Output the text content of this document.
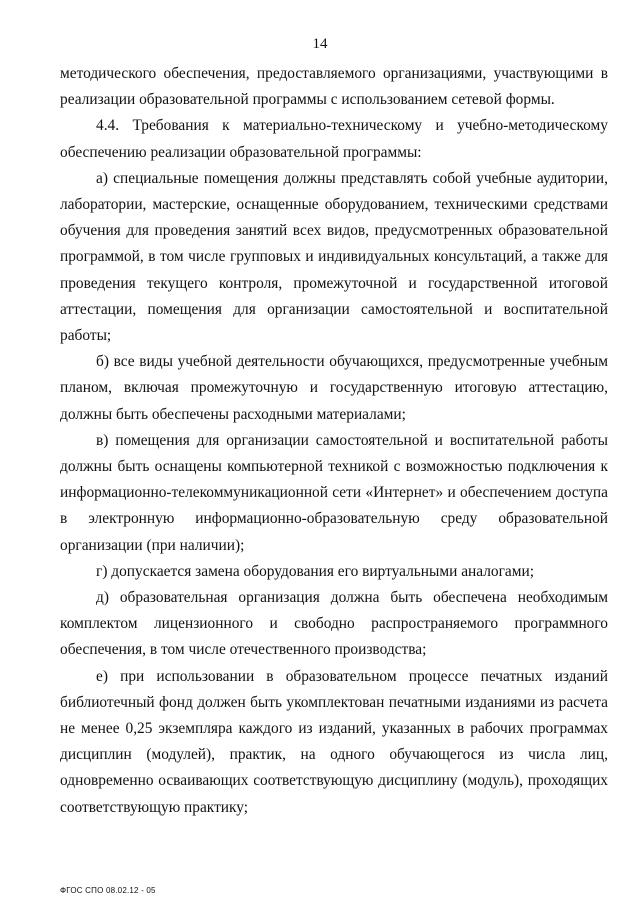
14

методического обеспечения, предоставляемого организациями, участвующими в реализации образовательной программы с использованием сетевой формы.

4.4. Требования к материально-техническому и учебно-методическому обеспечению реализации образовательной программы:

а) специальные помещения должны представлять собой учебные аудитории, лаборатории, мастерские, оснащенные оборудованием, техническими средствами обучения для проведения занятий всех видов, предусмотренных образовательной программой, в том числе групповых и индивидуальных консультаций, а также для проведения текущего контроля, промежуточной и государственной итоговой аттестации, помещения для организации самостоятельной и воспитательной работы;

б) все виды учебной деятельности обучающихся, предусмотренные учебным планом, включая промежуточную и государственную итоговую аттестацию, должны быть обеспечены расходными материалами;

в) помещения для организации самостоятельной и воспитательной работы должны быть оснащены компьютерной техникой с возможностью подключения к информационно-телекоммуникационной сети «Интернет» и обеспечением доступа в электронную информационно-образовательную среду образовательной организации (при наличии);

г) допускается замена оборудования его виртуальными аналогами;

д) образовательная организация должна быть обеспечена необходимым комплектом лицензионного и свободно распространяемого программного обеспечения, в том числе отечественного производства;

е) при использовании в образовательном процессе печатных изданий библиотечный фонд должен быть укомплектован печатными изданиями из расчета не менее 0,25 экземпляра каждого из изданий, указанных в рабочих программах дисциплин (модулей), практик, на одного обучающегося из числа лиц, одновременно осваивающих соответствующую дисциплину (модуль), проходящих соответствующую практику;

ФГОС СПО 08.02.12 - 05
